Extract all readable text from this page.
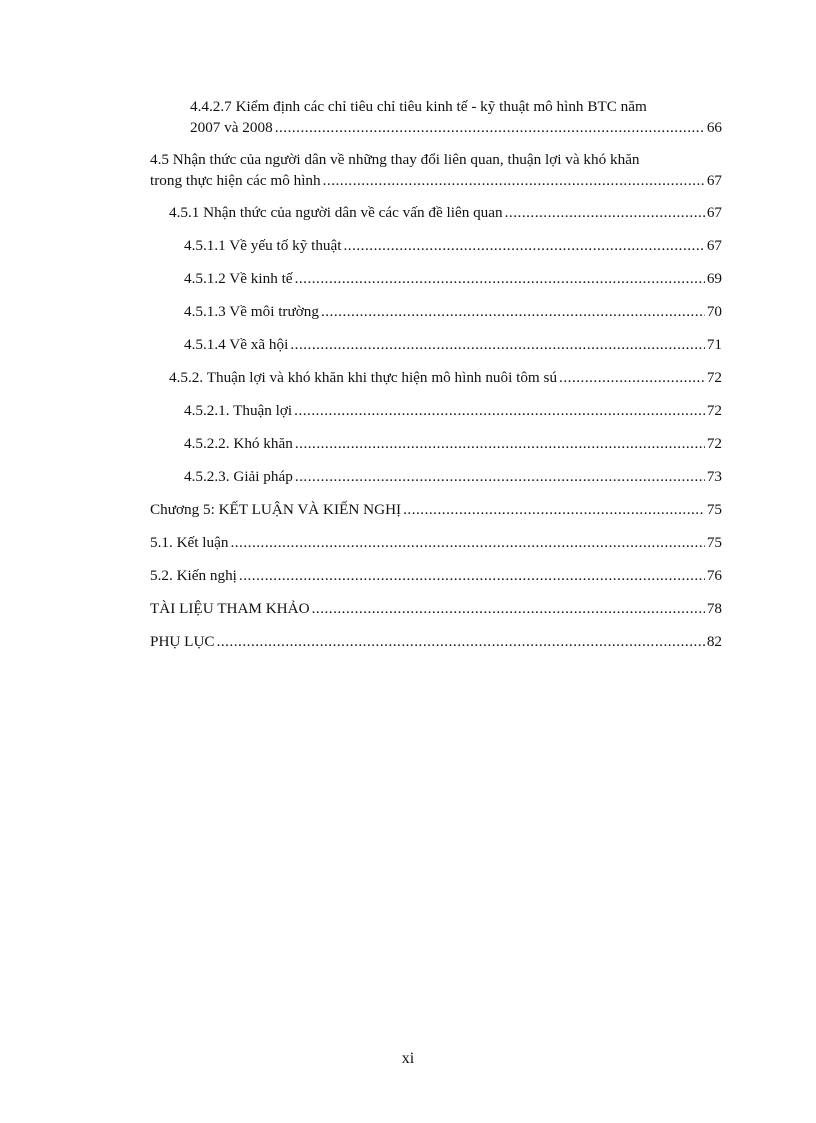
4.4.2.7 Kiểm định các chỉ tiêu chỉ tiêu kinh tế - kỹ thuật mô hình BTC năm
2007 và 2008 .....	66
4.5 Nhận thức của người dân về những thay đổi liên quan, thuận lợi và khó khăn
trong thực hiện các mô hình .....	67
4.5.1 Nhận thức của người dân về các vấn đề liên quan .....	67
4.5.1.1 Về yếu tố kỹ thuật .....	67
4.5.1.2 Về kinh tế .....	69
4.5.1.3 Về môi trường .....	70
4.5.1.4 Về xã hội .....	71
4.5.2. Thuận lợi và khó khăn khi thực hiện mô hình nuôi tôm sú .....	72
4.5.2.1. Thuận lợi .....	72
4.5.2.2. Khó khăn .....	72
4.5.2.3. Giải pháp .....	73
Chương 5: KẾT LUẬN VÀ KIẾN NGHỊ .....	75
5.1. Kết luận .....	75
5.2. Kiến nghị .....	76
TÀI LIỆU THAM KHẢO .....	78
PHỤ LỤC .....	82
xi
